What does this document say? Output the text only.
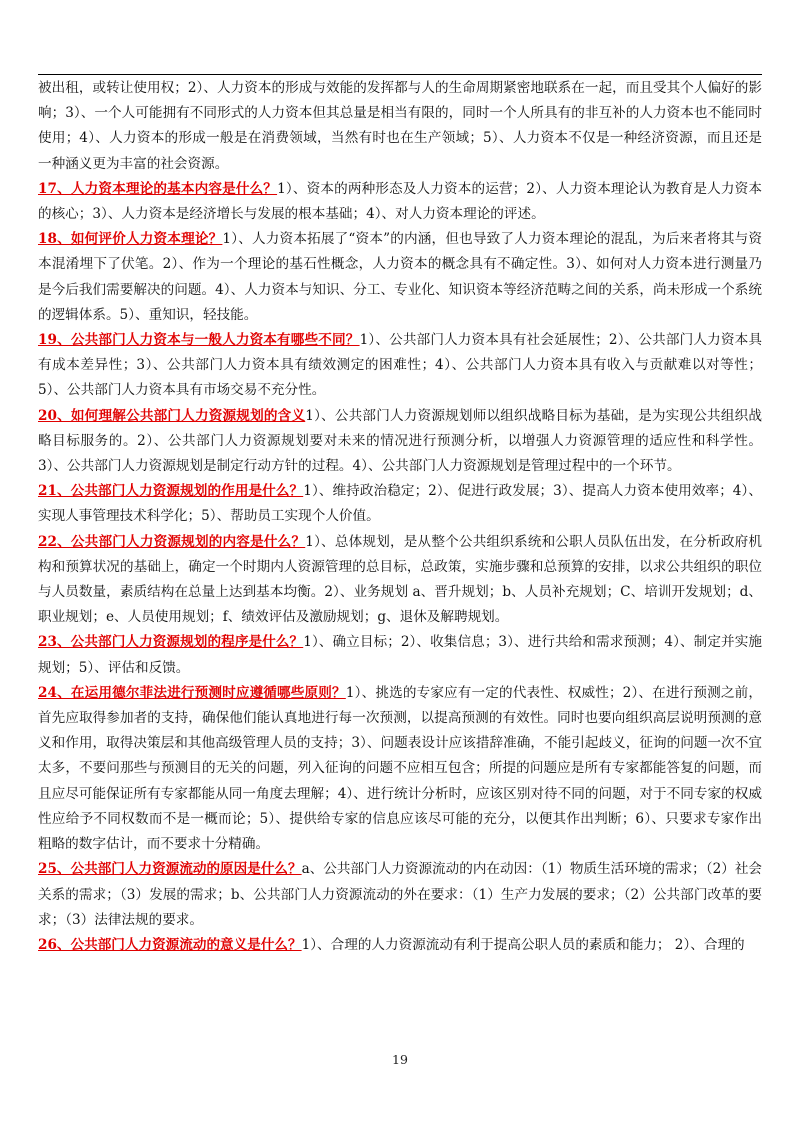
被出租，或转让使用权；2）、人力资本的形成与效能的发挥都与人的生命周期紧密地联系在一起，而且受其个人偏好的影响；3）、一个人可能拥有不同形式的人力资本但其总量是相当有限的，同时一个人所具有的非互补的人力资本也不能同时使用；4）、人力资本的形成一般是在消费领域，当然有时也在生产领域；5）、人力资本不仅是一种经济资源，而且还是一种涵义更为丰富的社会资源。

17、人力资本理论的基本内容是什么？1）、资本的两种形态及人力资本的运营；2）、人力资本理论认为教育是人力资本的核心；3）、人力资本是经济增长与发展的根本基础；4）、对人力资本理论的评述。

18、如何评价人力资本理论？1）、人力资本拓展了“资本”的内涵，但也导致了人力资本理论的混乱，为后来者将其与资本混淆埋下了伏笔。2）、作为一个理论的基石性概念，人力资本的概念具有不确定性。3）、如何对人力资本进行测量乃是今后我们需要解决的问题。4）、人力资本与知识、分工、专业化、知识资本等经济范畴之间的关系，尚未形成一个系统的逻辑体系。5）、重知识，轻技能。

19、公共部门人力资本与一般人力资本有哪些不同？1）、公共部门人力资本具有社会延展性；2）、公共部门人力资本具有成本差异性；3）、公共部门人力资本具有绩效测定的困难性；4）、公共部门人力资本具有收入与贡献难以对等性；5）、公共部门人力资本具有市场交易不充分性。

20、如何理解公共部门人力资源规划的含义1）、公共部门人力资源规划师以组织战略目标为基础，是为实现公共组织战略目标服务的。2）、公共部门人力资源规划要对未来的情况进行预测分析，以增强人力资源管理的适应性和科学性。3）、公共部门人力资源规划是制定行动方针的过程。4）、公共部门人力资源规划是管理过程中的一个环节。

21、公共部门人力资源规划的作用是什么？1）、维持政治稳定；2）、促进行政发展；3）、提高人力资本使用效率；4）、实现人事管理技术科学化；5）、帮助员工实现个人价值。

22、公共部门人力资源规划的内容是什么？1）、总体规划，是从整个公共组织系统和公职人员队伍出发，在分析政府机构和预算状况的基础上，确定一个时期内人资源管理的总目标，总政策，实施步骤和总预算的安排，以求公共组织的职位与人员数量，素质结构在总量上达到基本均衡。2）、业务规划 a、晋升规划；b、人员补充规划；C、培训开发规划；d、职业规划；e、人员使用规划；f、绩效评估及激励规划；g、退休及解聘规划。

23、公共部门人力资源规划的程序是什么？1）、确立目标；2）、收集信息；3）、进行共给和需求预测；4）、制定并实施规划；5）、评估和反馈。

24、在运用德尔菲法进行预测时应遵循哪些原则？1）、挑选的专家应有一定的代表性、权威性；2）、在进行预测之前，首先应取得参加者的支持，确保他们能认真地进行每一次预测，以提高预测的有效性。同时也要向组织高层说明预测的意义和作用，取得决策层和其他高级管理人员的支持；3）、问题表设计应该措辞准确，不能引起歧义，征询的问题一次不宜太多，不要问那些与预测目的无关的问题，列入征询的问题不应相互包含；所提的问题应是所有专家都能答复的问题，而且应尽可能保证所有专家都能从同一角度去理解；4）、进行统计分析时，应该区别对待不同的问题，对于不同专家的权威性应给予不同权数而不是一概而论；5）、提供给专家的信息应该尽可能的充分，以便其作出判断；6）、只要求专家作出粗略的数字估计，而不要求十分精确。

25、公共部门人力资源流动的原因是什么？a、公共部门人力资源流动的内在动因：（1）物质生活环境的需求；（2）社会关系的需求；（3）发展的需求；b、公共部门人力资源流动的外在要求：（1）生产力发展的要求；（2）公共部门改革的要求；（3）法律法规的要求。

26、公共部门人力资源流动的意义是什么？1）、合理的人力资源流动有利于提高公职人员的素质和能力； 2）、合理的

19
